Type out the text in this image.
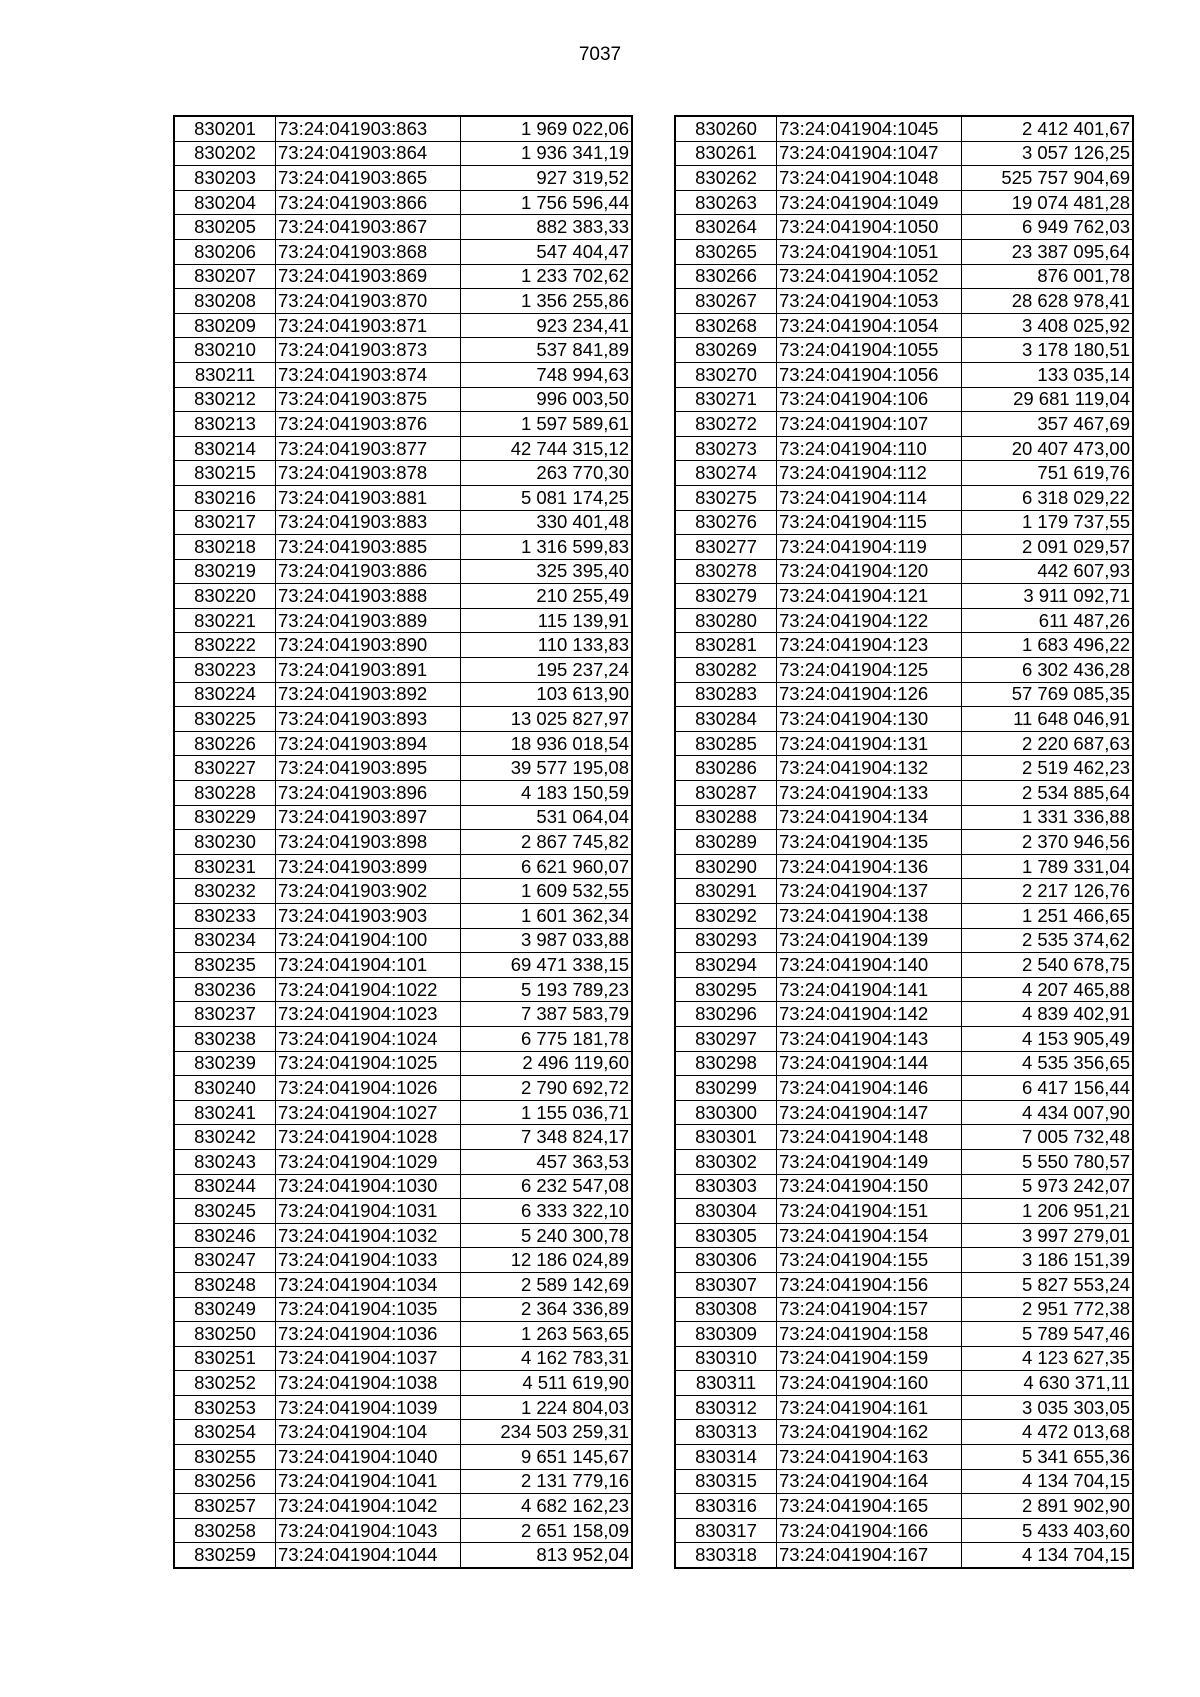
7037
830201	73:24:041903:863	1 969 022,06
830202	73:24:041903:864	1 936 341,19
830203	73:24:041903:865	927 319,52
830204	73:24:041903:866	1 756 596,44
830205	73:24:041903:867	882 383,33
830206	73:24:041903:868	547 404,47
830207	73:24:041903:869	1 233 702,62
830208	73:24:041903:870	1 356 255,86
830209	73:24:041903:871	923 234,41
830210	73:24:041903:873	537 841,89
830211	73:24:041903:874	748 994,63
830212	73:24:041903:875	996 003,50
830213	73:24:041903:876	1 597 589,61
830214	73:24:041903:877	42 744 315,12
830215	73:24:041903:878	263 770,30
830216	73:24:041903:881	5 081 174,25
830217	73:24:041903:883	330 401,48
830218	73:24:041903:885	1 316 599,83
830219	73:24:041903:886	325 395,40
830220	73:24:041903:888	210 255,49
830221	73:24:041903:889	115 139,91
830222	73:24:041903:890	110 133,83
830223	73:24:041903:891	195 237,24
830224	73:24:041903:892	103 613,90
830225	73:24:041903:893	13 025 827,97
830226	73:24:041903:894	18 936 018,54
830227	73:24:041903:895	39 577 195,08
830228	73:24:041903:896	4 183 150,59
830229	73:24:041903:897	531 064,04
830230	73:24:041903:898	2 867 745,82
830231	73:24:041903:899	6 621 960,07
830232	73:24:041903:902	1 609 532,55
830233	73:24:041903:903	1 601 362,34
830234	73:24:041904:100	3 987 033,88
830235	73:24:041904:101	69 471 338,15
830236	73:24:041904:1022	5 193 789,23
830237	73:24:041904:1023	7 387 583,79
830238	73:24:041904:1024	6 775 181,78
830239	73:24:041904:1025	2 496 119,60
830240	73:24:041904:1026	2 790 692,72
830241	73:24:041904:1027	1 155 036,71
830242	73:24:041904:1028	7 348 824,17
830243	73:24:041904:1029	457 363,53
830244	73:24:041904:1030	6 232 547,08
830245	73:24:041904:1031	6 333 322,10
830246	73:24:041904:1032	5 240 300,78
830247	73:24:041904:1033	12 186 024,89
830248	73:24:041904:1034	2 589 142,69
830249	73:24:041904:1035	2 364 336,89
830250	73:24:041904:1036	1 263 563,65
830251	73:24:041904:1037	4 162 783,31
830252	73:24:041904:1038	4 511 619,90
830253	73:24:041904:1039	1 224 804,03
830254	73:24:041904:104	234 503 259,31
830255	73:24:041904:1040	9 651 145,67
830256	73:24:041904:1041	2 131 779,16
830257	73:24:041904:1042	4 682 162,23
830258	73:24:041904:1043	2 651 158,09
830259	73:24:041904:1044	813 952,04
830260	73:24:041904:1045	2 412 401,67
830261	73:24:041904:1047	3 057 126,25
830262	73:24:041904:1048	525 757 904,69
830263	73:24:041904:1049	19 074 481,28
830264	73:24:041904:1050	6 949 762,03
830265	73:24:041904:1051	23 387 095,64
830266	73:24:041904:1052	876 001,78
830267	73:24:041904:1053	28 628 978,41
830268	73:24:041904:1054	3 408 025,92
830269	73:24:041904:1055	3 178 180,51
830270	73:24:041904:1056	133 035,14
830271	73:24:041904:106	29 681 119,04
830272	73:24:041904:107	357 467,69
830273	73:24:041904:110	20 407 473,00
830274	73:24:041904:112	751 619,76
830275	73:24:041904:114	6 318 029,22
830276	73:24:041904:115	1 179 737,55
830277	73:24:041904:119	2 091 029,57
830278	73:24:041904:120	442 607,93
830279	73:24:041904:121	3 911 092,71
830280	73:24:041904:122	611 487,26
830281	73:24:041904:123	1 683 496,22
830282	73:24:041904:125	6 302 436,28
830283	73:24:041904:126	57 769 085,35
830284	73:24:041904:130	11 648 046,91
830285	73:24:041904:131	2 220 687,63
830286	73:24:041904:132	2 519 462,23
830287	73:24:041904:133	2 534 885,64
830288	73:24:041904:134	1 331 336,88
830289	73:24:041904:135	2 370 946,56
830290	73:24:041904:136	1 789 331,04
830291	73:24:041904:137	2 217 126,76
830292	73:24:041904:138	1 251 466,65
830293	73:24:041904:139	2 535 374,62
830294	73:24:041904:140	2 540 678,75
830295	73:24:041904:141	4 207 465,88
830296	73:24:041904:142	4 839 402,91
830297	73:24:041904:143	4 153 905,49
830298	73:24:041904:144	4 535 356,65
830299	73:24:041904:146	6 417 156,44
830300	73:24:041904:147	4 434 007,90
830301	73:24:041904:148	7 005 732,48
830302	73:24:041904:149	5 550 780,57
830303	73:24:041904:150	5 973 242,07
830304	73:24:041904:151	1 206 951,21
830305	73:24:041904:154	3 997 279,01
830306	73:24:041904:155	3 186 151,39
830307	73:24:041904:156	5 827 553,24
830308	73:24:041904:157	2 951 772,38
830309	73:24:041904:158	5 789 547,46
830310	73:24:041904:159	4 123 627,35
830311	73:24:041904:160	4 630 371,11
830312	73:24:041904:161	3 035 303,05
830313	73:24:041904:162	4 472 013,68
830314	73:24:041904:163	5 341 655,36
830315	73:24:041904:164	4 134 704,15
830316	73:24:041904:165	2 891 902,90
830317	73:24:041904:166	5 433 403,60
830318	73:24:041904:167	4 134 704,15
